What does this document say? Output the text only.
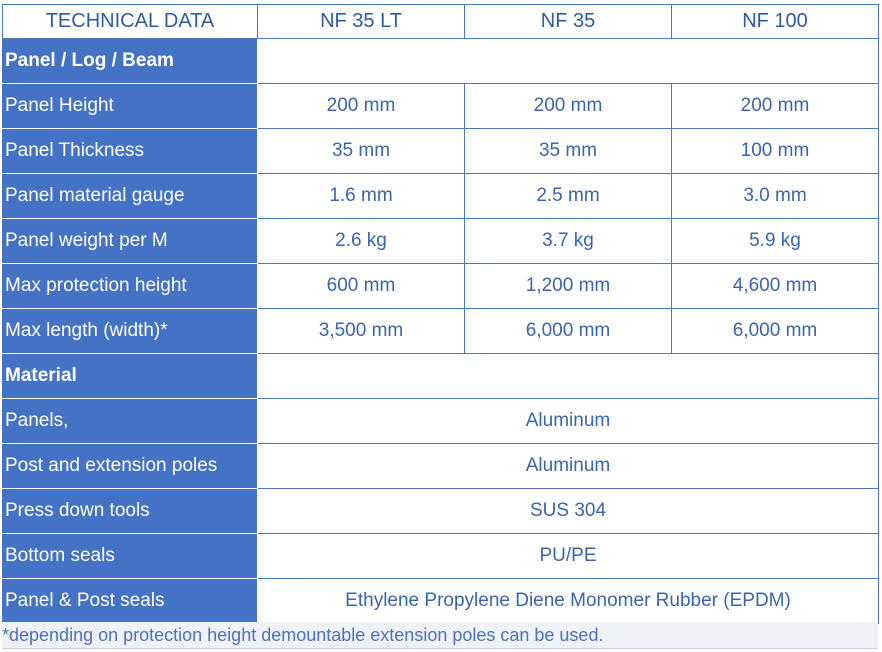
TECHNICAL DATA	NF 35 LT	NF 35	NF 100
Panel / Log / Beam			
Panel Height	200 mm	200 mm	200 mm
Panel Thickness	35 mm	35 mm	100 mm
Panel material gauge	1.6 mm	2.5 mm	3.0 mm
Panel weight per M	2.6 kg	3.7 kg	5.9 kg
Max protection height	600 mm	1,200 mm	4,600 mm
Max length (width)*	3,500 mm	6,000 mm	6,000 mm
Material			
Panels,	Aluminum		
Post and extension poles	Aluminum		
Press down tools	SUS 304		
Bottom seals	PU/PE		
Panel & Post seals	Ethylene Propylene Diene Monomer Rubber (EPDM)		
*depending on protection height demountable extension poles can be used.
